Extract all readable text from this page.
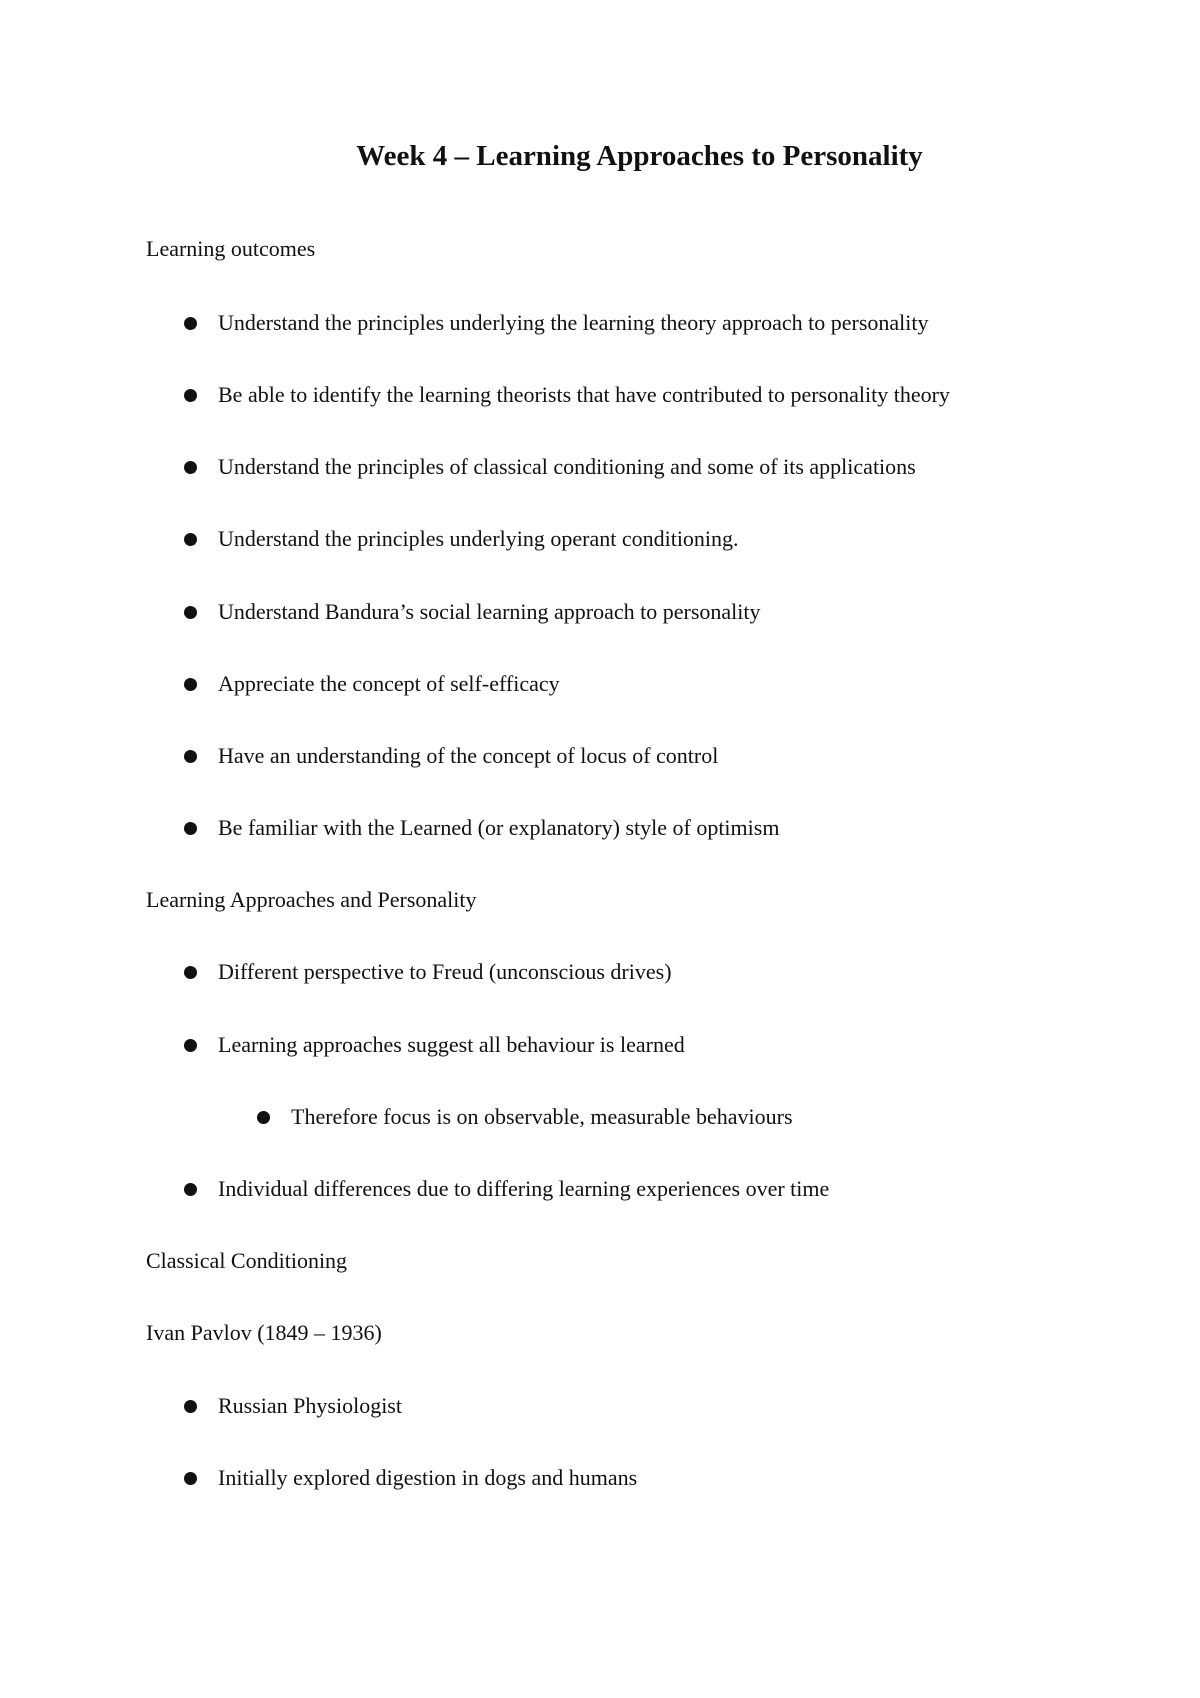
Week 4 – Learning Approaches to Personality
Learning outcomes
Understand the principles underlying the learning theory approach to personality
Be able to identify the learning theorists that have contributed to personality theory
Understand the principles of classical conditioning and some of its applications
Understand the principles underlying operant conditioning.
Understand Bandura’s social learning approach to personality
Appreciate the concept of self-efficacy
Have an understanding of the concept of locus of control
Be familiar with the Learned (or explanatory) style of optimism
Learning Approaches and Personality
Different perspective to Freud (unconscious drives)
Learning approaches suggest all behaviour is learned
Therefore focus is on observable, measurable behaviours
Individual differences due to differing learning experiences over time
Classical Conditioning
Ivan Pavlov (1849 – 1936)
Russian Physiologist
Initially explored digestion in dogs and humans
